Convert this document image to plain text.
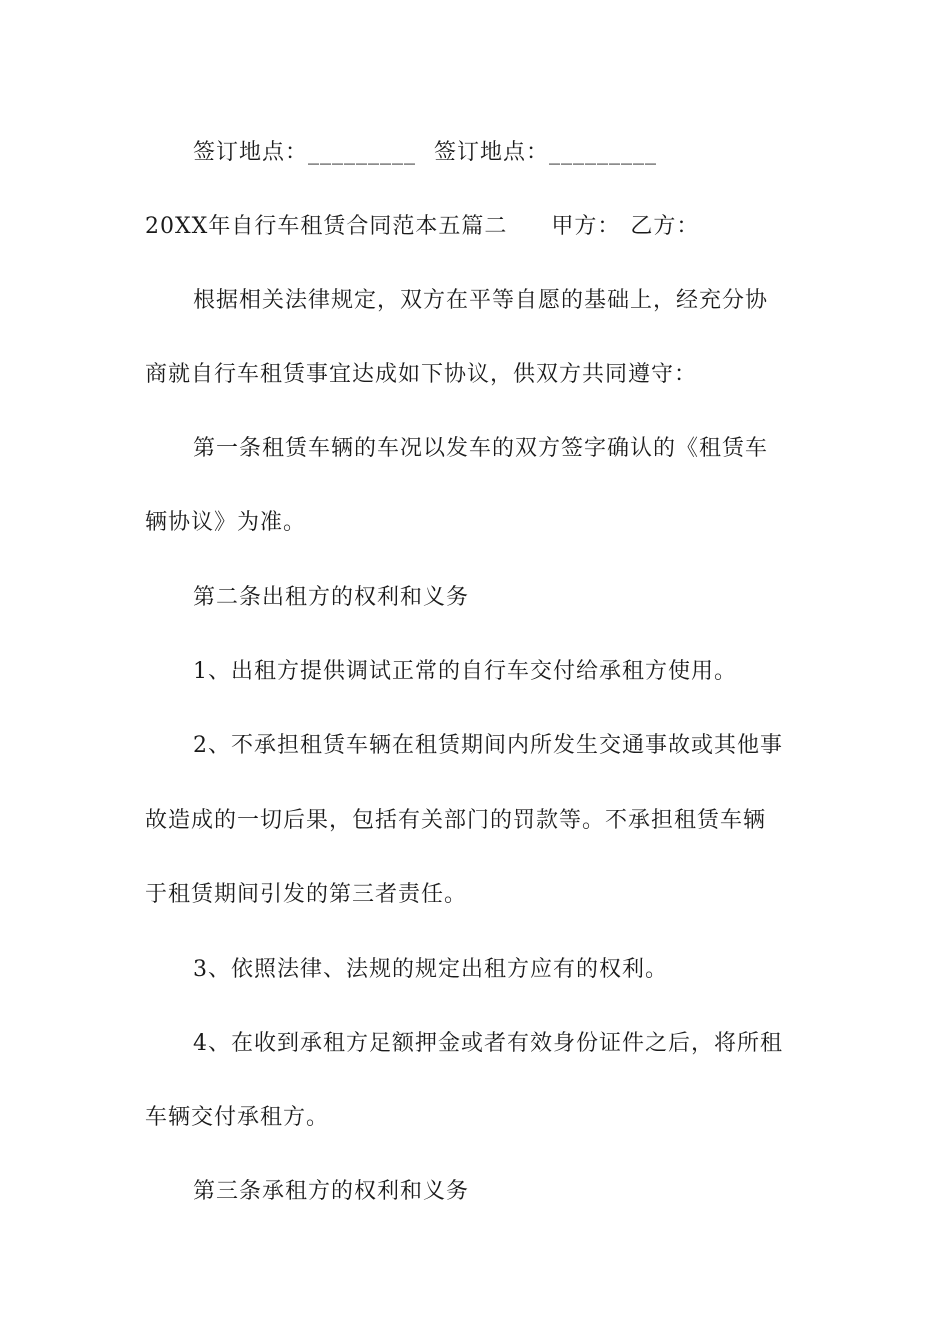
签订地点：_________ 签订地点：_________
20XX年自行车租赁合同范本五篇二 甲方： 乙方：
根据相关法律规定，双方在平等自愿的基础上，经充分协
商就自行车租赁事宜达成如下协议，供双方共同遵守：
第一条租赁车辆的车况以发车的双方签字确认的《租赁车
辆协议》为准。
第二条出租方的权利和义务
1、出租方提供调试正常的自行车交付给承租方使用。
2、不承担租赁车辆在租赁期间内所发生交通事故或其他事
故造成的一切后果，包括有关部门的罚款等。不承担租赁车辆
于租赁期间引发的第三者责任。
3、依照法律、法规的规定出租方应有的权利。
4、在收到承租方足额押金或者有效身份证件之后，将所租
车辆交付承租方。
第三条承租方的权利和义务
